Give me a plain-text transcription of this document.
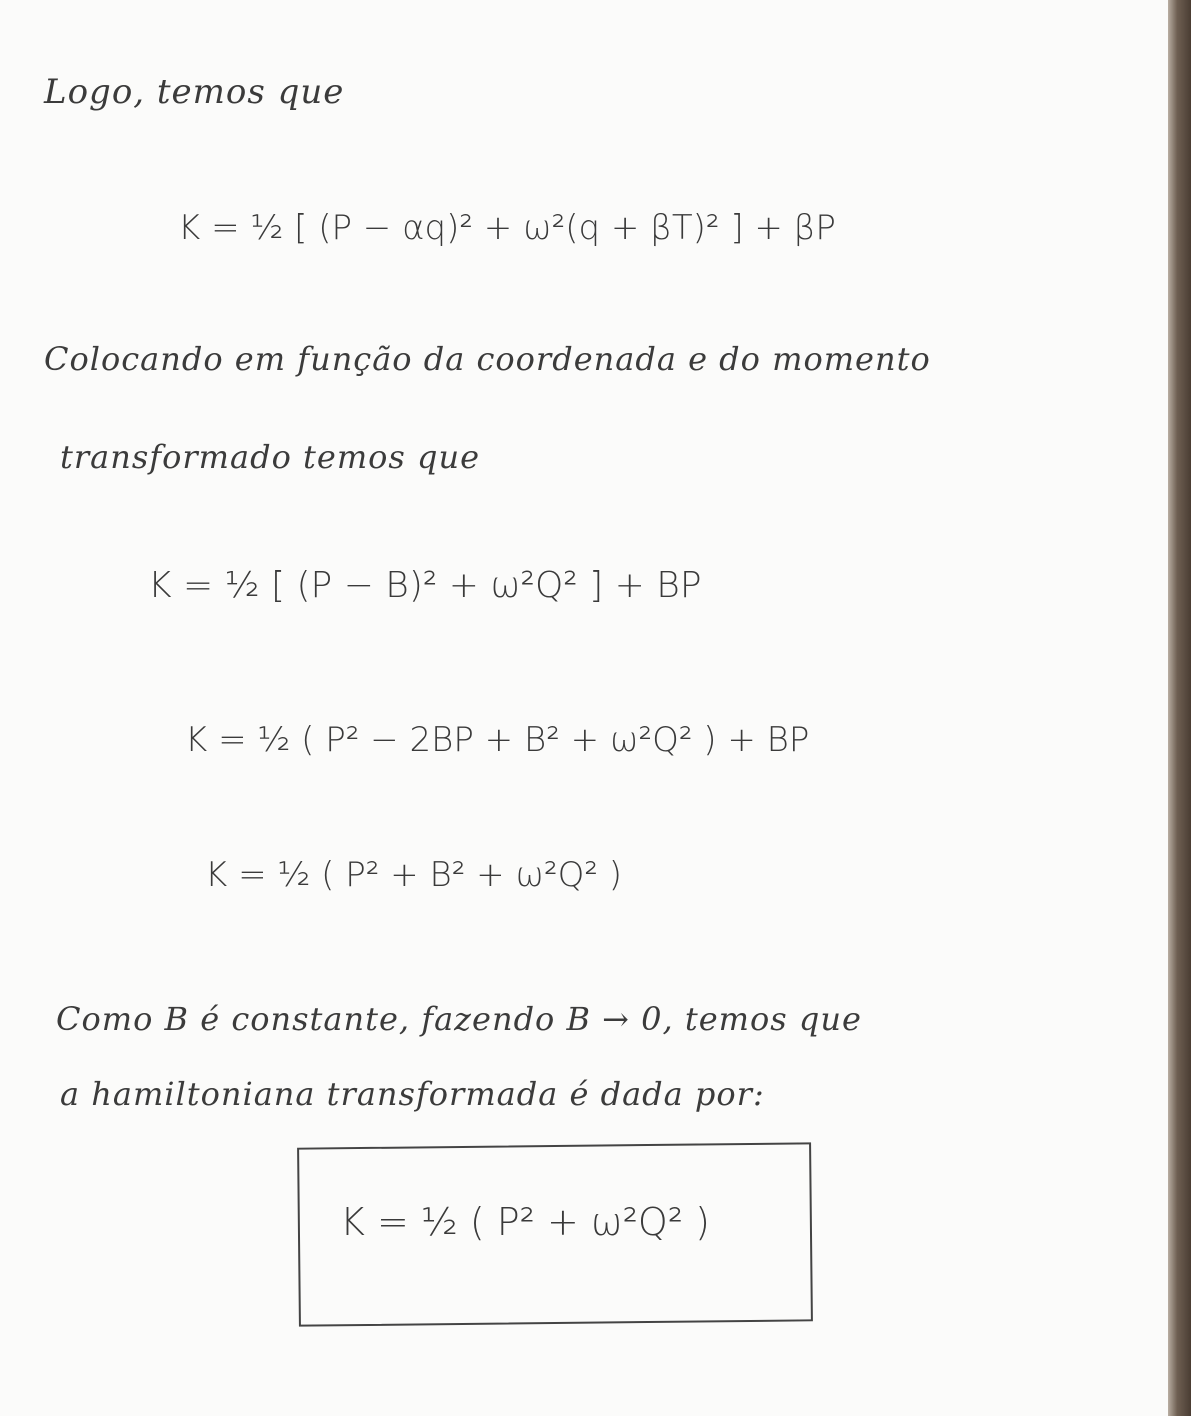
Logo, temos que
K = ½ [ (P − αq)² + ω²(q + βT)² ] + βP
Colocando em função da coordenada e do momento
transformado temos que
K = ½ [ (P − B)² + ω²Q² ] + BP
K = ½ ( P² − 2BP + B² + ω²Q² ) + BP
K = ½ ( P² + B² + ω²Q² )
Como B é constante, fazendo B → 0, temos que
a hamiltoniana transformada é dada por:
K = ½ ( P² + ω²Q² )
